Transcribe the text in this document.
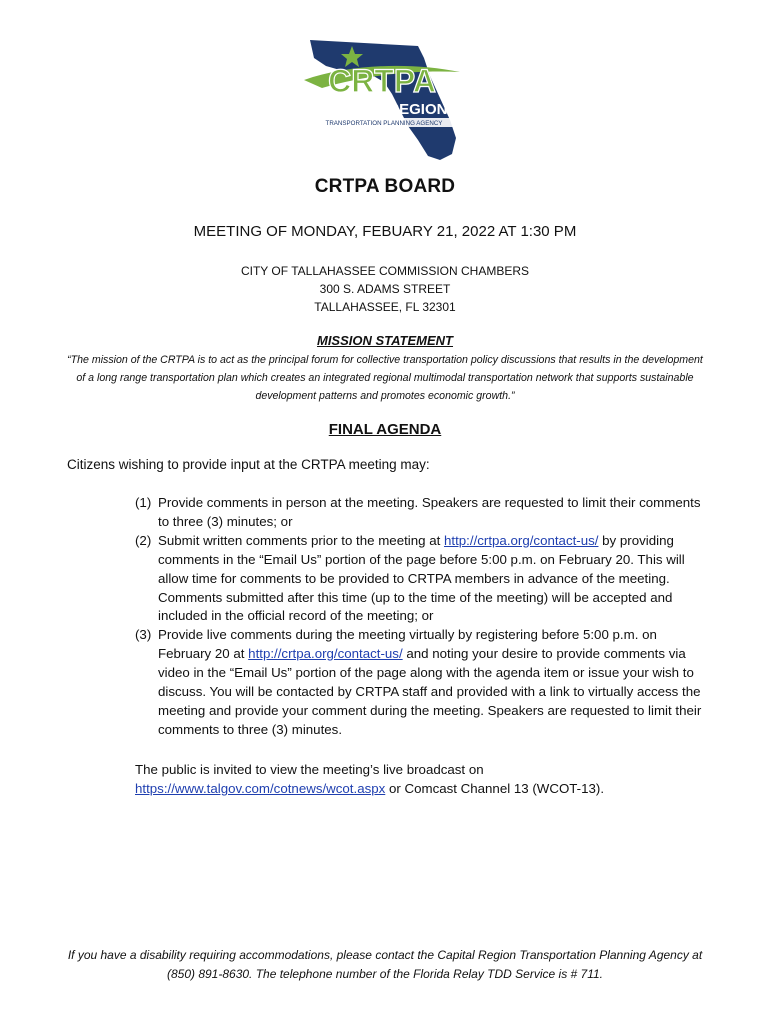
CRTPA
CAPITAL REGION
TRANSPORTATION PLANNING AGENCY
CRTPA BOARD
MEETING OF MONDAY, FEBUARY 21, 2022 AT 1:30 PM
CITY OF TALLAHASSEE COMMISSION CHAMBERS
300 S. ADAMS STREET
TALLAHASSEE, FL 32301
MISSION STATEMENT
“The mission of the CRTPA is to act as the principal forum for collective transportation policy discussions that results in the development of a long range transportation plan which creates an integrated regional multimodal transportation network that supports sustainable development patterns and promotes economic growth.”
FINAL AGENDA
Citizens wishing to provide input at the CRTPA meeting may:
(1) Provide comments in person at the meeting. Speakers are requested to limit their comments to three (3) minutes; or
(2) Submit written comments prior to the meeting at http://crtpa.org/contact-us/ by providing comments in the “Email Us” portion of the page before 5:00 p.m. on February 20. This will allow time for comments to be provided to CRTPA members in advance of the meeting. Comments submitted after this time (up to the time of the meeting) will be accepted and included in the official record of the meeting; or
(3) Provide live comments during the meeting virtually by registering before 5:00 p.m. on February 20 at http://crtpa.org/contact-us/ and noting your desire to provide comments via video in the “Email Us” portion of the page along with the agenda item or issue your wish to discuss. You will be contacted by CRTPA staff and provided with a link to virtually access the meeting and provide your comment during the meeting. Speakers are requested to limit their comments to three (3) minutes.
The public is invited to view the meeting’s live broadcast on
https://www.talgov.com/cotnews/wcot.aspx or Comcast Channel 13 (WCOT-13).
If you have a disability requiring accommodations, please contact the Capital Region Transportation Planning Agency at (850) 891-8630. The telephone number of the Florida Relay TDD Service is # 711.
